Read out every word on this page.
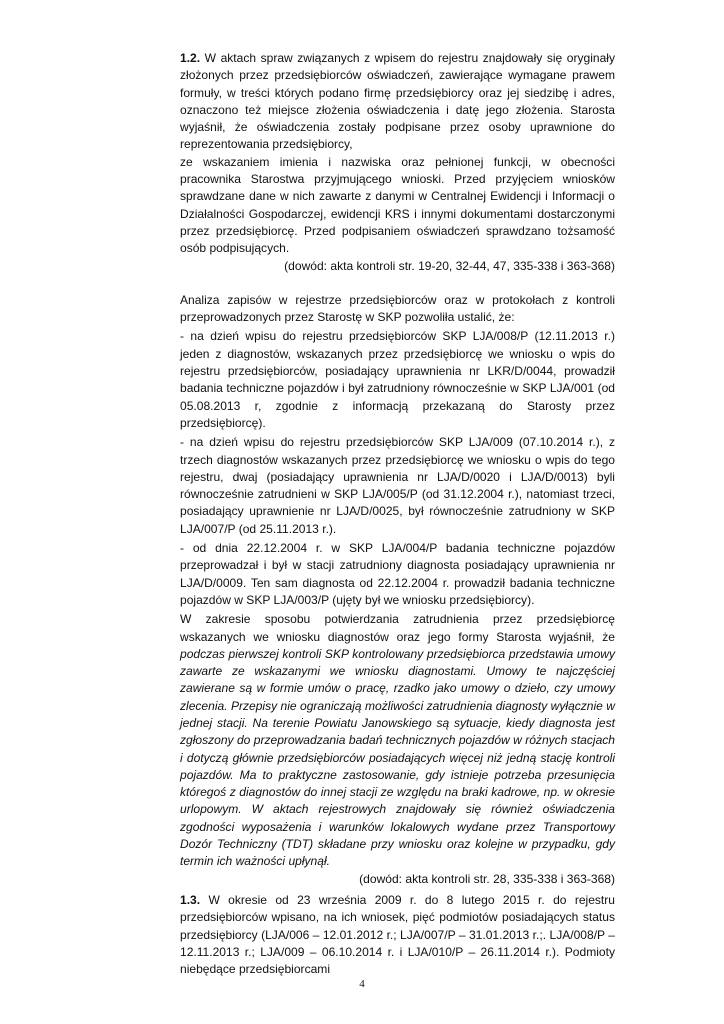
1.2. W aktach spraw związanych z wpisem do rejestru znajdowały się oryginały złożonych przez przedsiębiorców oświadczeń, zawierające wymagane prawem formuły, w treści których podano firmę przedsiębiorcy oraz jej siedzibę i adres, oznaczono też miejsce złożenia oświadczenia i datę jego złożenia. Starosta wyjaśnił, że oświadczenia zostały podpisane przez osoby uprawnione do reprezentowania przedsiębiorcy,

ze wskazaniem imienia i nazwiska oraz pełnionej funkcji, w obecności pracownika Starostwa przyjmującego wnioski. Przed przyjęciem wniosków sprawdzane dane w nich zawarte z danymi w Centralnej Ewidencji i Informacji o Działalności Gospodarczej, ewidencji KRS i innymi dokumentami dostarczonymi przez przedsiębiorcę. Przed podpisaniem oświadczeń sprawdzano tożsamość osób podpisujących.

(dowód: akta kontroli str. 19-20, 32-44, 47, 335-338 i 363-368)

Analiza zapisów w rejestrze przedsiębiorców oraz w protokołach z kontroli przeprowadzonych przez Starostę w SKP pozwoliła ustalić, że:

- na dzień wpisu do rejestru przedsiębiorców SKP LJA/008/P (12.11.2013 r.) jeden z diagnostów, wskazanych przez przedsiębiorcę we wniosku o wpis do rejestru przedsiębiorców, posiadający uprawnienia nr LKR/D/0044, prowadził badania techniczne pojazdów i był zatrudniony równocześnie w SKP LJA/001 (od 05.08.2013 r, zgodnie z informacją przekazaną do Starosty przez przedsiębiorcę).

- na dzień wpisu do rejestru przedsiębiorców SKP LJA/009 (07.10.2014 r.), z trzech diagnostów wskazanych przez przedsiębiorcę we wniosku o wpis do tego rejestru, dwaj (posiadający uprawnienia nr LJA/D/0020 i LJA/D/0013) byli równocześnie zatrudnieni w SKP LJA/005/P (od 31.12.2004 r.), natomiast trzeci, posiadający uprawnienie nr LJA/D/0025, był równocześnie zatrudniony w SKP LJA/007/P (od 25.11.2013 r.).

- od dnia 22.12.2004 r. w SKP LJA/004/P badania techniczne pojazdów przeprowadzał i był w stacji zatrudniony diagnosta posiadający uprawnienia nr LJA/D/0009. Ten sam diagnosta od 22.12.2004 r. prowadził badania techniczne pojazdów w SKP LJA/003/P (ujęty był we wniosku przedsiębiorcy).

W zakresie sposobu potwierdzania zatrudnienia przez przedsiębiorcę wskazanych we wniosku diagnostów oraz jego formy Starosta wyjaśnił, że podczas pierwszej kontroli SKP kontrolowany przedsiębiorca przedstawia umowy zawarte ze wskazanymi we wniosku diagnostami. Umowy te najczęściej zawierane są w formie umów o pracę, rzadko jako umowy o dzieło, czy umowy zlecenia. Przepisy nie ograniczają możliwości zatrudnienia diagnosty wyłącznie w jednej stacji. Na terenie Powiatu Janowskiego są sytuacje, kiedy diagnosta jest zgłoszony do przeprowadzania badań technicznych pojazdów w różnych stacjach i dotyczą głównie przedsiębiorców posiadających więcej niż jedną stację kontroli pojazdów. Ma to praktyczne zastosowanie, gdy istnieje potrzeba przesunięcia któregoś z diagnostów do innej stacji ze względu na braki kadrowe, np. w okresie urlopowym. W aktach rejestrowych znajdowały się również oświadczenia zgodności wyposażenia i warunków lokalowych wydane przez Transportowy Dozór Techniczny (TDT) składane przy wniosku oraz kolejne w przypadku, gdy termin ich ważności upłynął.

(dowód: akta kontroli str. 28, 335-338 i 363-368)

1.3. W okresie od 23 września 2009 r. do 8 lutego 2015 r. do rejestru przedsiębiorców wpisano, na ich wniosek, pięć podmiotów posiadających status przedsiębiorcy (LJA/006 – 12.01.2012 r.; LJA/007/P – 31.01.2013 r.;. LJA/008/P – 12.11.2013 r.; LJA/009 – 06.10.2014 r. i LJA/010/P – 26.11.2014 r.). Podmioty niebędące przedsiębiorcami

4
